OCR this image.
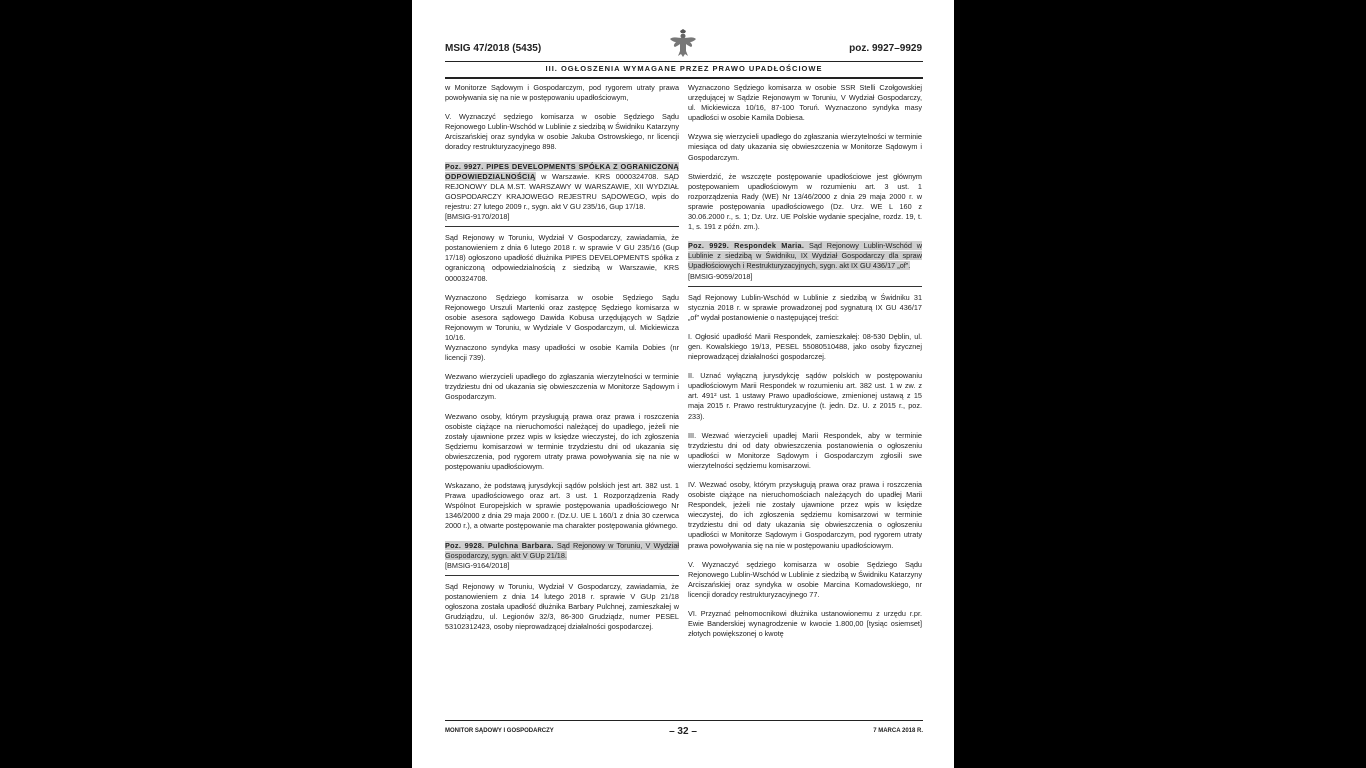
MSIG 47/2018 (5435)	poz. 9927–9929
III. OGŁOSZENIA WYMAGANE PRZEZ PRAWO UPADŁOŚCIOWE

w Monitorze Sądowym i Gospodarczym, pod rygorem utraty prawa powoływania się na nie w postępowaniu upadłościowym,

V. Wyznaczyć sędziego komisarza w osobie Sędziego Sądu Rejonowego Lublin-Wschód w Lublinie z siedzibą w Świdniku Katarzyny Arciszańskiej oraz syndyka w osobie Jakuba Ostrowskiego, nr licencji doradcy restrukturyzacyjnego 898.

Poz. 9927. PIPES DEVELOPMENTS SPÓŁKA Z OGRANICZONĄ ODPOWIEDZIALNOŚCIĄ w Warszawie. KRS 0000324708. SĄD REJONOWY DLA M.ST. WARSZAWY W WARSZAWIE, XII WYDZIAŁ GOSPODARCZY KRAJOWEGO REJESTRU SĄDOWEGO, wpis do rejestru: 27 lutego 2009 r., sygn. akt V GU 235/16, Gup 17/18.
[BMSIG-9170/2018]

Sąd Rejonowy w Toruniu, Wydział V Gospodarczy, zawiadamia, że postanowieniem z dnia 6 lutego 2018 r. w sprawie V GU 235/16 (Gup 17/18) ogłoszono upadłość dłużnika PIPES DEVELOPMENTS spółka z ograniczoną odpowiedzialnością z siedzibą w Warszawie, KRS 0000324708.

Wyznaczono Sędziego komisarza w osobie Sędziego Sądu Rejonowego Urszuli Martenki oraz zastępcę Sędziego komisarza w osobie asesora sądowego Dawida Kobusa urzędujących w Sądzie Rejonowym w Toruniu, w Wydziale V Gospodarczym, ul. Mickiewicza 10/16.

Wyznaczono syndyka masy upadłości w osobie Kamila Dobies (nr licencji 739).

Wezwano wierzycieli upadłego do zgłaszania wierzytelności w terminie trzydziestu dni od ukazania się obwieszczenia w Monitorze Sądowym i Gospodarczym.

Wezwano osoby, którym przysługują prawa oraz prawa i roszczenia osobiste ciążące na nieruchomości należącej do upadłego, jeżeli nie zostały ujawnione przez wpis w księdze wieczystej, do ich zgłoszenia Sędziemu komisarzowi w terminie trzydziestu dni od ukazania się obwieszczenia, pod rygorem utraty prawa powoływania się na nie w postępowaniu upadłościowym.

Wskazano, że podstawą jurysdykcji sądów polskich jest art. 382 ust. 1 Prawa upadłościowego oraz art. 3 ust. 1 Rozporządzenia Rady Wspólnot Europejskich w sprawie postępowania upadłościowego Nr 1346/2000 z dnia 29 maja 2000 r. (Dz.U. UE L 160/1 z dnia 30 czerwca 2000 r.), a otwarte postępowanie ma charakter postępowania głównego.

Poz. 9928. Pulchna Barbara. Sąd Rejonowy w Toruniu, V Wydział Gospodarczy, sygn. akt V GUp 21/18.
[BMSIG-9164/2018]

Sąd Rejonowy w Toruniu, Wydział V Gospodarczy, zawiadamia, że postanowieniem z dnia 14 lutego 2018 r. sprawie V GUp 21/18 ogłoszona została upadłość dłużnika Barbary Pulchnej, zamieszkałej w Grudziądzu, ul. Legionów 32/3, 86-300 Grudziądz, numer PESEL 53102312423, osoby nieprowadzącej działalności gospodarczej.

Wyznaczono Sędziego komisarza w osobie SSR Stelli Czołgowskiej urzędującej w Sądzie Rejonowym w Toruniu, V Wydział Gospodarczy, ul. Mickiewicza 10/16, 87-100 Toruń. Wyznaczono syndyka masy upadłości w osobie Kamila Dobiesa.

Wzywa się wierzycieli upadłego do zgłaszania wierzytelności w terminie miesiąca od daty ukazania się obwieszczenia w Monitorze Sądowym i Gospodarczym.

Stwierdzić, że wszczęte postępowanie upadłościowe jest głównym postępowaniem upadłościowym w rozumieniu art. 3 ust. 1 rozporządzenia Rady (WE) Nr 13/46/2000 z dnia 29 maja 2000 r. w sprawie postępowania upadłościowego (Dz. Urz. WE L 160 z 30.06.2000 r., s. 1; Dz. Urz. UE Polskie wydanie specjalne, rozdz. 19, t. 1, s. 191 z późn. zm.).

Poz. 9929. Respondek Maria. Sąd Rejonowy Lublin-Wschód w Lublinie z siedzibą w Świdniku, IX Wydział Gospodarczy dla spraw Upadłościowych i Restrukturyzacyjnych, sygn. akt IX GU 436/17 „of”.
[BMSIG-9059/2018]

Sąd Rejonowy Lublin-Wschód w Lublinie z siedzibą w Świdniku 31 stycznia 2018 r. w sprawie prowadzonej pod sygnaturą IX GU 436/17 „of” wydał postanowienie o następującej treści:

I. Ogłosić upadłość Marii Respondek, zamieszkałej: 08-530 Dęblin, ul. gen. Kowalskiego 19/13, PESEL 55080510488, jako osoby fizycznej nieprowadzącej działalności gospodarczej.

II. Uznać wyłączną jurysdykcję sądów polskich w postępowaniu upadłościowym Marii Respondek w rozumieniu art. 382 ust. 1 w zw. z art. 491² ust. 1 ustawy Prawo upadłościowe, zmienionej ustawą z 15 maja 2015 r. Prawo restrukturyzacyjne (t. jedn. Dz. U. z 2015 r., poz. 233).

III. Wezwać wierzycieli upadłej Marii Respondek, aby w terminie trzydziestu dni od daty obwieszczenia postanowienia o ogłoszeniu upadłości w Monitorze Sądowym i Gospodarczym zgłosili swe wierzytelności sędziemu komisarzowi.

IV. Wezwać osoby, którym przysługują prawa oraz prawa i roszczenia osobiste ciążące na nieruchomościach należących do upadłej Marii Respondek, jeżeli nie zostały ujawnione przez wpis w księdze wieczystej, do ich zgłoszenia sędziemu komisarzowi w terminie trzydziestu dni od daty ukazania się obwieszczenia o ogłoszeniu upadłości w Monitorze Sądowym i Gospodarczym, pod rygorem utraty prawa powoływania się na nie w postępowaniu upadłościowym.

V. Wyznaczyć sędziego komisarza w osobie Sędziego Sądu Rejonowego Lublin-Wschód w Lublinie z siedzibą w Świdniku Katarzyny Arciszańskiej oraz syndyka w osobie Marcina Komadowskiego, nr licencji doradcy restrukturyzacyjnego 77.

VI. Przyznać pełnomocnikowi dłużnika ustanowionemu z urzędu r.pr. Ewie Banderskiej wynagrodzenie w kwocie 1.800,00 [tysiąc osiemset] złotych powiększonej o kwotę

MONITOR SĄDOWY I GOSPODARCZY	– 32 –	7 MARCA 2018 R.
